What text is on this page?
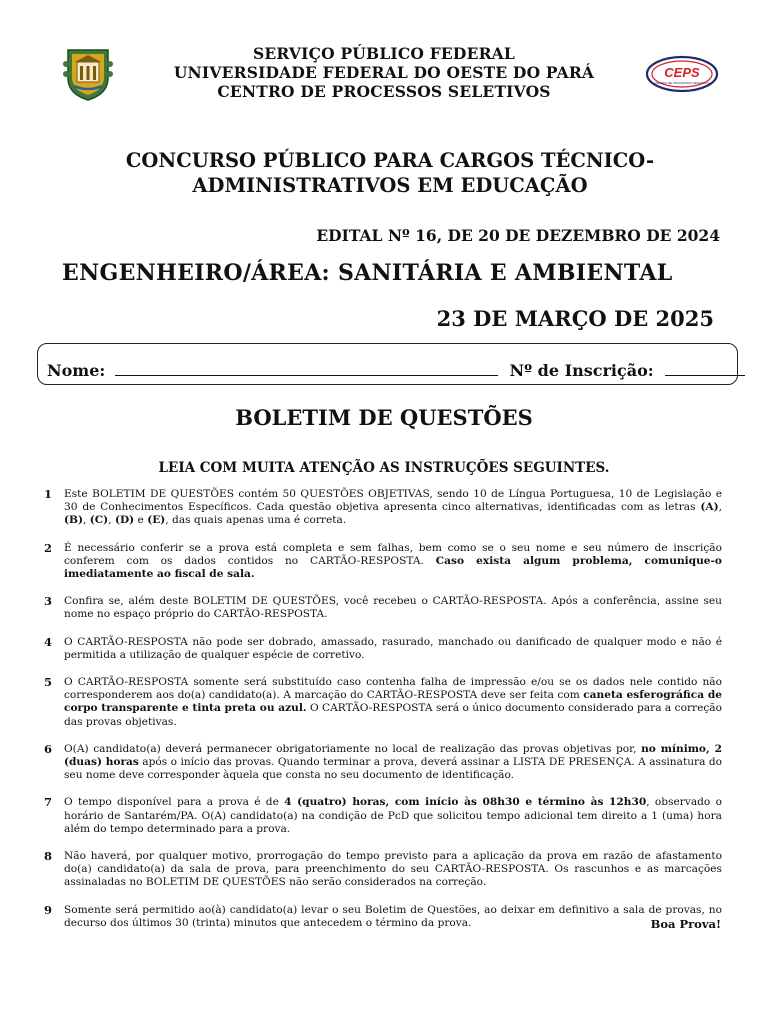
SERVIÇO PÚBLICO FEDERAL
UNIVERSIDADE FEDERAL DO OESTE DO PARÁ
CENTRO DE PROCESSOS SELETIVOS
CEPS
CENTRO DE PROCESSOS SELETIVOS
CONCURSO PÚBLICO PARA CARGOS TÉCNICO-
ADMINISTRATIVOS EM EDUCAÇÃO
EDITAL Nº 16, DE 20 DE DEZEMBRO DE 2024
ENGENHEIRO/ÁREA: SANITÁRIA E AMBIENTAL
23 DE MARÇO DE 2025
Nome:	Nº de Inscrição:
BOLETIM DE QUESTÕES
LEIA COM MUITA ATENÇÃO AS INSTRUÇÕES SEGUINTES.
1	Este BOLETIM DE QUESTÕES contém 50 QUESTÕES OBJETIVAS, sendo 10 de Língua Portuguesa, 10 de Legislação e 30 de Conhecimentos Específicos. Cada questão objetiva apresenta cinco alternativas, identificadas com as letras (A), (B), (C), (D) e (E), das quais apenas uma é correta.
2	É necessário conferir se a prova está completa e sem falhas, bem como se o seu nome e seu número de inscrição conferem com os dados contidos no CARTÃO-RESPOSTA. Caso exista algum problema, comunique-o imediatamente ao fiscal de sala.
3	Confira se, além deste BOLETIM DE QUESTÕES, você recebeu o CARTÃO-RESPOSTA. Após a conferência, assine seu nome no espaço próprio do CARTÃO-RESPOSTA.
4	O CARTÃO-RESPOSTA não pode ser dobrado, amassado, rasurado, manchado ou danificado de qualquer modo e não é permitida a utilização de qualquer espécie de corretivo.
5	O CARTÃO-RESPOSTA somente será substituído caso contenha falha de impressão e/ou se os dados nele contido não corresponderem aos do(a) candidato(a). A marcação do CARTÃO-RESPOSTA deve ser feita com caneta esferográfica de corpo transparente e tinta preta ou azul. O CARTÃO-RESPOSTA será o único documento considerado para a correção das provas objetivas.
6	O(A) candidato(a) deverá permanecer obrigatoriamente no local de realização das provas objetivas por, no mínimo, 2 (duas) horas após o início das provas. Quando terminar a prova, deverá assinar a LISTA DE PRESENÇA. A assinatura do seu nome deve corresponder àquela que consta no seu documento de identificação.
7	O tempo disponível para a prova é de 4 (quatro) horas, com início às 08h30 e término às 12h30, observado o horário de Santarém/PA. O(A) candidato(a) na condição de PcD que solicitou tempo adicional tem direito a 1 (uma) hora além do tempo determinado para a prova.
8	Não haverá, por qualquer motivo, prorrogação do tempo previsto para a aplicação da prova em razão de afastamento do(a) candidato(a) da sala de prova, para preenchimento do seu CARTÃO-RESPOSTA. Os rascunhos e as marcações assinaladas no BOLETIM DE QUESTÕES não serão considerados na correção.
9	Somente será permitido ao(à) candidato(a) levar o seu Boletim de Questões, ao deixar em definitivo a sala de provas, no decurso dos últimos 30 (trinta) minutos que antecedem o término da prova.	Boa Prova!
